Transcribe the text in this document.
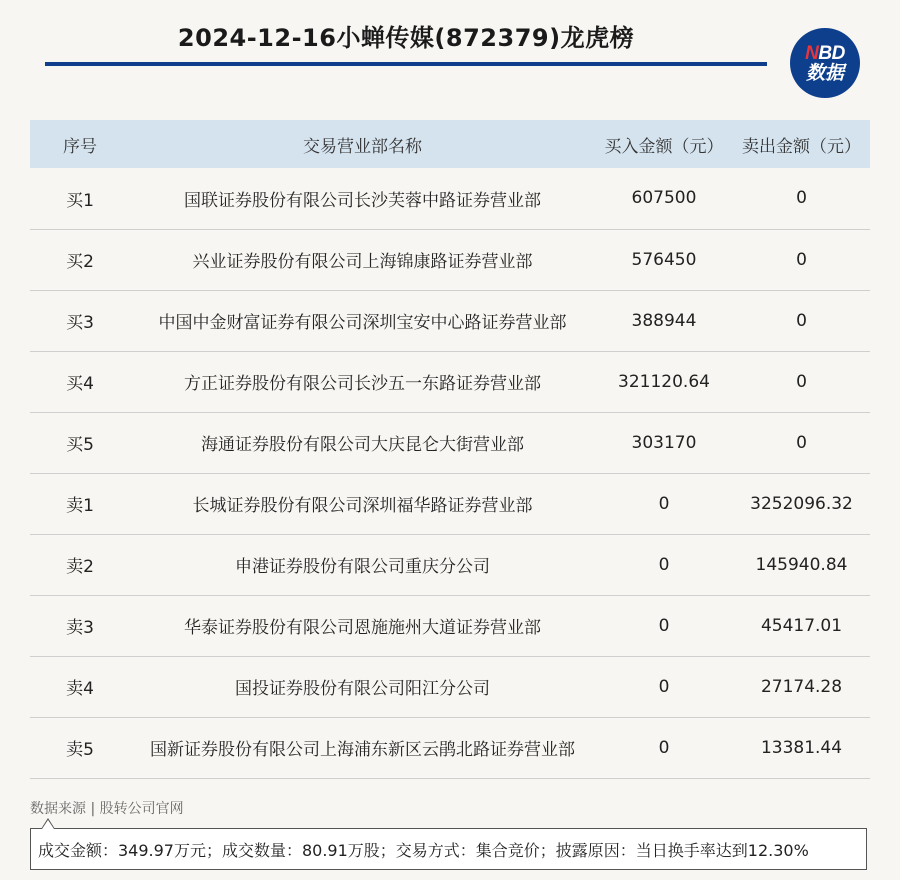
2024-12-16小蝉传媒(872379)龙虎榜
NBD
数据
序号	交易营业部名称	买入金额（元）	卖出金额（元）
买1	国联证券股份有限公司长沙芙蓉中路证券营业部	607500	0
买2	兴业证券股份有限公司上海锦康路证券营业部	576450	0
买3	中国中金财富证券有限公司深圳宝安中心路证券营业部	388944	0
买4	方正证券股份有限公司长沙五一东路证券营业部	321120.64	0
买5	海通证券股份有限公司大庆昆仑大街营业部	303170	0
卖1	长城证券股份有限公司深圳福华路证券营业部	0	3252096.32
卖2	申港证券股份有限公司重庆分公司	0	145940.84
卖3	华泰证券股份有限公司恩施施州大道证券营业部	0	45417.01
卖4	国投证券股份有限公司阳江分公司	0	27174.28
卖5	国新证券股份有限公司上海浦东新区云鹃北路证券营业部	0	13381.44
数据来源 | 股转公司官网
成交金额：349.97万元；成交数量：80.91万股；交易方式：集合竞价；披露原因：当日换手率达到12.30%
